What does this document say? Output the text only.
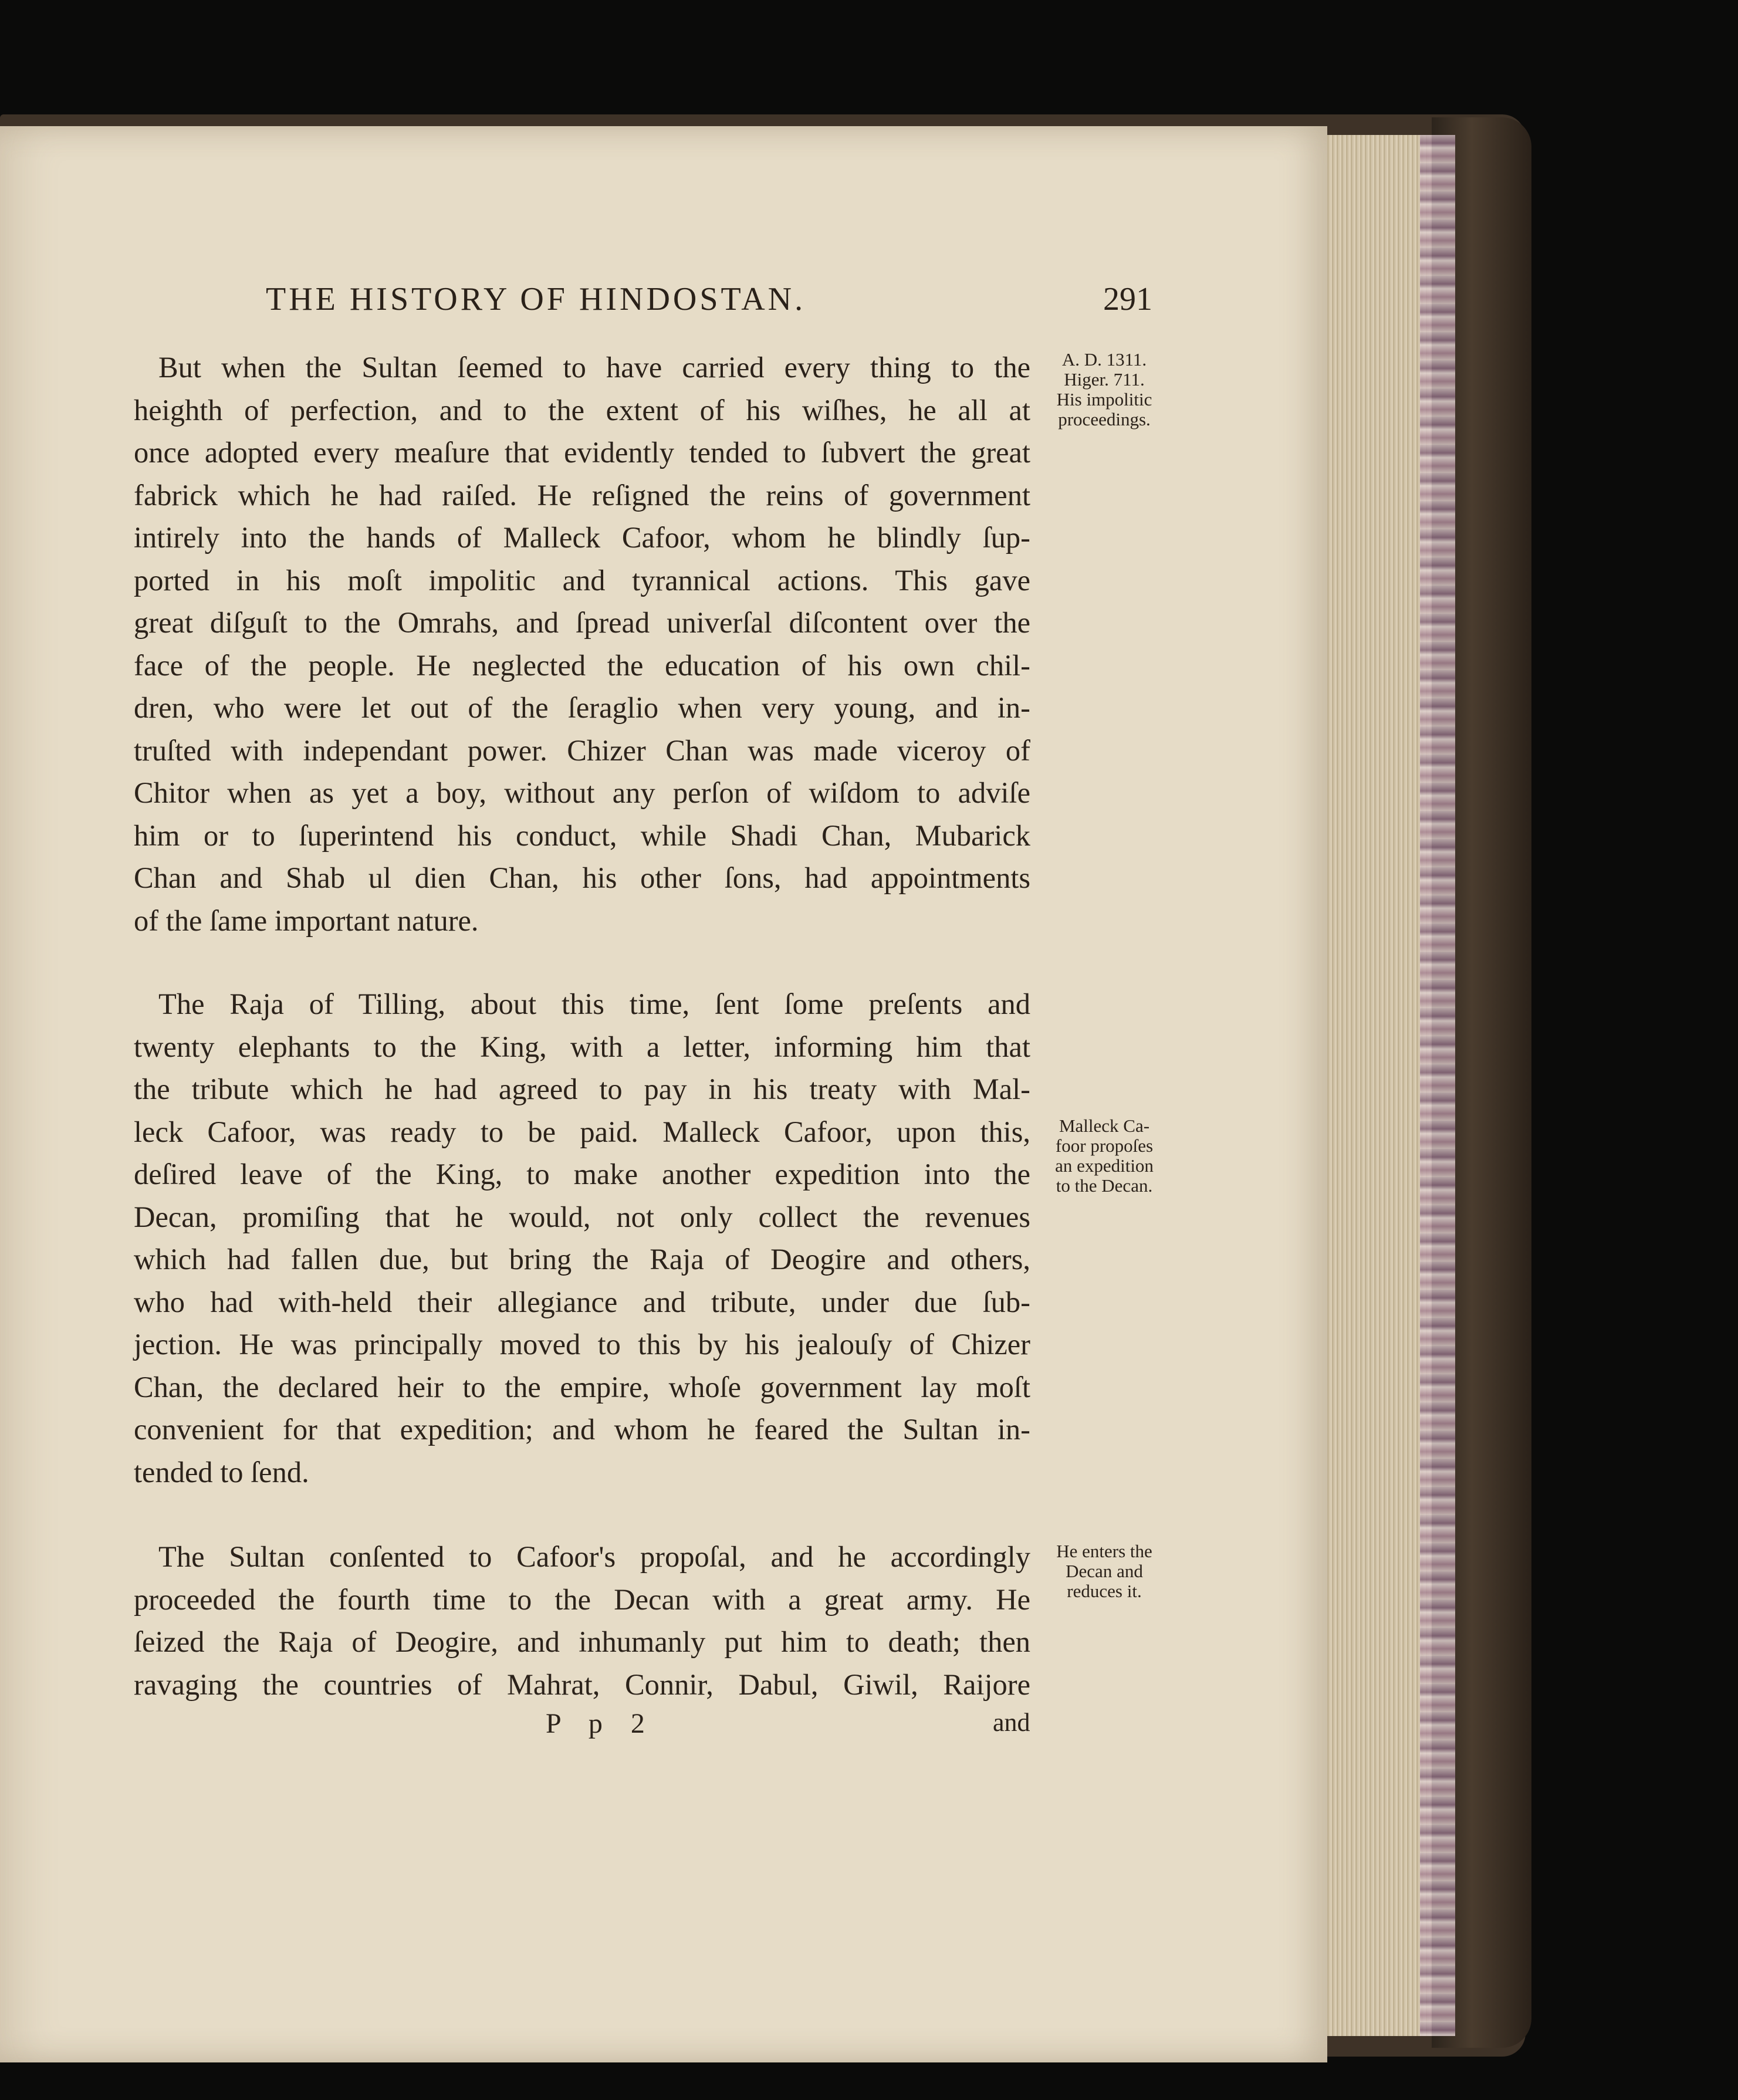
THE HISTORY OF HINDOSTAN.	291
But when the Sultan ſeemed to have carried every thing to the
heighth of perfection, and to the extent of his wiſhes, he all at
once adopted every meaſure that evidently tended to ſubvert the great
fabrick which he had raiſed. He reſigned the reins of government
intirely into the hands of Malleck Cafoor, whom he blindly ſup-
ported in his moſt impolitic and tyrannical actions. This gave
great diſguſt to the Omrahs, and ſpread univerſal diſcontent over the
face of the people. He neglected the education of his own chil-
dren, who were let out of the ſeraglio when very young, and in-
truſted with independant power. Chizer Chan was made viceroy of
Chitor when as yet a boy, without any perſon of wiſdom to adviſe
him or to ſuperintend his conduct, while Shadi Chan, Mubarick
Chan and Shab ul dien Chan, his other ſons, had appointments
of the ſame important nature.
A. D. 1311.
Higer. 711.
His impolitic
proceedings.
The Raja of Tilling, about this time, ſent ſome preſents and
twenty elephants to the King, with a letter, informing him that
the tribute which he had agreed to pay in his treaty with Mal-
leck Cafoor, was ready to be paid. Malleck Cafoor, upon this,
deſired leave of the King, to make another expedition into the
Decan, promiſing that he would, not only collect the revenues
which had fallen due, but bring the Raja of Deogire and others,
who had with-held their allegiance and tribute, under due ſub-
jection. He was principally moved to this by his jealouſy of Chizer
Chan, the declared heir to the empire, whoſe government lay moſt
convenient for that expedition; and whom he feared the Sultan in-
tended to ſend.
Malleck Ca-
foor propoſes
an expedition
to the Decan.
The Sultan conſented to Cafoor's propoſal, and he accordingly
proceeded the fourth time to the Decan with a great army. He
ſeized the Raja of Deogire, and inhumanly put him to death; then
ravaging the countries of Mahrat, Connir, Dabul, Giwil, Raijore
He enters the
Decan and
reduces it.
P p 2	and
